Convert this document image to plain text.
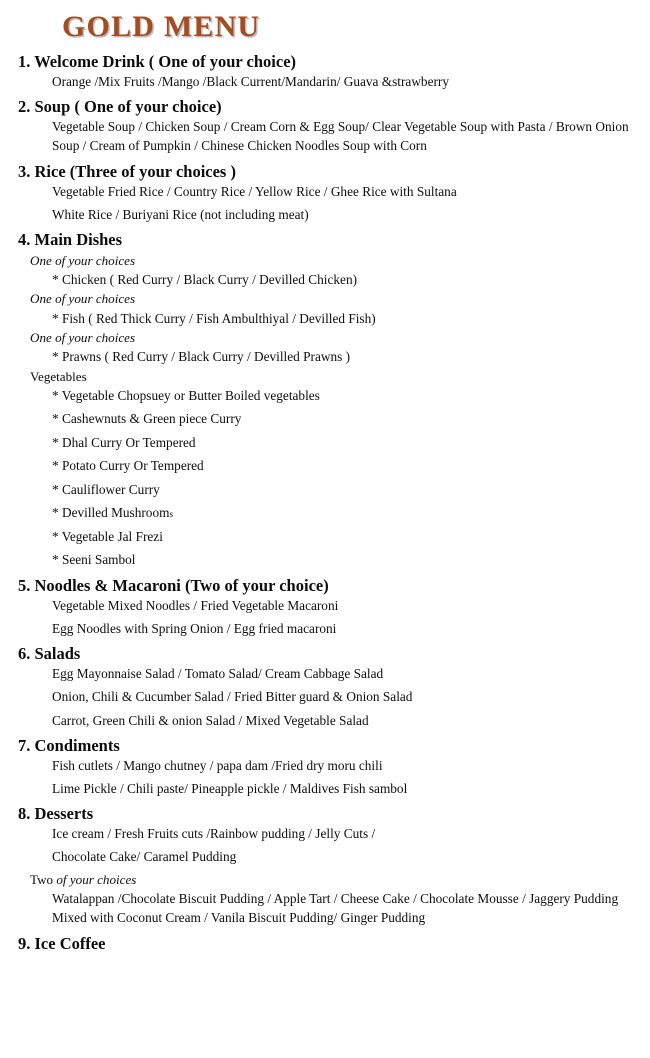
GOLD MENU
1. Welcome Drink ( One of your choice)
Orange /Mix Fruits /Mango /Black Current/Mandarin/ Guava &strawberry
2. Soup ( One of your choice)
Vegetable Soup / Chicken Soup / Cream Corn & Egg Soup/ Clear Vegetable Soup with Pasta / Brown Onion Soup / Cream of Pumpkin / Chinese Chicken Noodles Soup with Corn
3. Rice (Three of your choices )
Vegetable Fried Rice / Country Rice / Yellow Rice / Ghee Rice with Sultana
White Rice / Buriyani Rice (not including meat)
4. Main Dishes
One of your choices
* Chicken ( Red Curry / Black Curry / Devilled Chicken)
One of your choices
* Fish ( Red Thick Curry / Fish Ambulthiyal / Devilled Fish)
One of your choices
* Prawns ( Red Curry / Black Curry / Devilled Prawns )
Vegetables
* Vegetable Chopsuey or Butter Boiled vegetables
* Cashewnuts & Green piece Curry
* Dhal Curry Or Tempered
* Potato Curry Or Tempered
* Cauliflower Curry
* Devilled Mushrooms
* Vegetable Jal Frezi
* Seeni Sambol
5. Noodles & Macaroni (Two of your choice)
Vegetable Mixed Noodles / Fried Vegetable Macaroni
Egg Noodles with Spring Onion / Egg fried macaroni
6. Salads
Egg Mayonnaise Salad / Tomato Salad/ Cream Cabbage Salad
Onion, Chili & Cucumber Salad / Fried Bitter guard & Onion Salad
Carrot, Green Chili & onion Salad / Mixed Vegetable Salad
7. Condiments
Fish cutlets / Mango chutney / papa dam /Fried dry moru chili
Lime Pickle / Chili paste/ Pineapple pickle / Maldives Fish sambol
8. Desserts
Ice cream / Fresh Fruits cuts /Rainbow pudding / Jelly Cuts /
Chocolate Cake/ Caramel Pudding
Two of your choices
Watalappan /Chocolate Biscuit Pudding / Apple Tart / Cheese Cake / Chocolate Mousse / Jaggery Pudding Mixed with Coconut Cream / Vanila Biscuit Pudding/ Ginger Pudding
9. Ice Coffee
